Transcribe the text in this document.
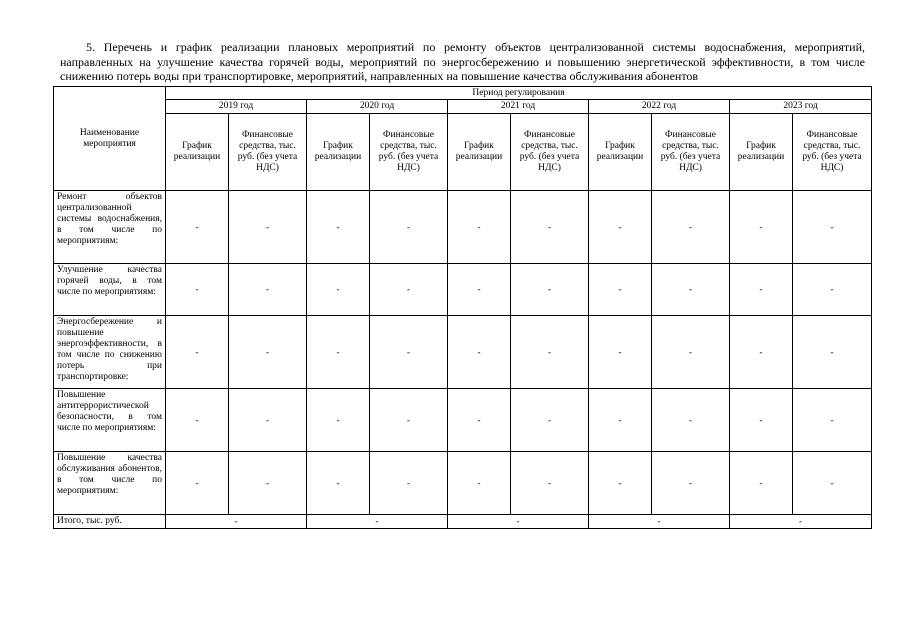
5. Перечень и график реализации плановых мероприятий по ремонту объектов централизованной системы водоснабжения, мероприятий, направленных на улучшение качества горячей воды, мероприятий по энергосбережению и повышению энергетической эффективности, в том числе снижению потерь воды при транспортировке, мероприятий, направленных на повышение качества обслуживания абонентов
Наименование мероприятия	Период регулирования									
	2019 год		2020 год		2021 год		2022 год		2023 год	
	График реализации	Финансовые средства, тыс. руб. (без учета НДС)	График реализации	Финансовые средства, тыс. руб. (без учета НДС)	График реализации	Финансовые средства, тыс. руб. (без учета НДС)	График реализации	Финансовые средства, тыс. руб. (без учета НДС)	График реализации	Финансовые средства, тыс. руб. (без учета НДС)
Ремонт объектов централизованной системы водоснабжения, в том числе по мероприятиям:	-	-	-	-	-	-	-	-	-	-
Улучшение качества горячей воды, в том числе по мероприятиям:	-	-	-	-	-	-	-	-	-	-
Энергосбережение и повышение энергоэффективности, в том числе по снижению потерь при транспортировке:	-	-	-	-	-	-	-	-	-	-
Повышение антитеррористической безопасности, в том числе по мероприятиям:	-	-	-	-	-	-	-	-	-	-
Повышение качества обслуживания абонентов, в том числе по мероприятиям:	-	-	-	-	-	-	-	-	-	-
Итого, тыс. руб.	-		-		-		-		-	
